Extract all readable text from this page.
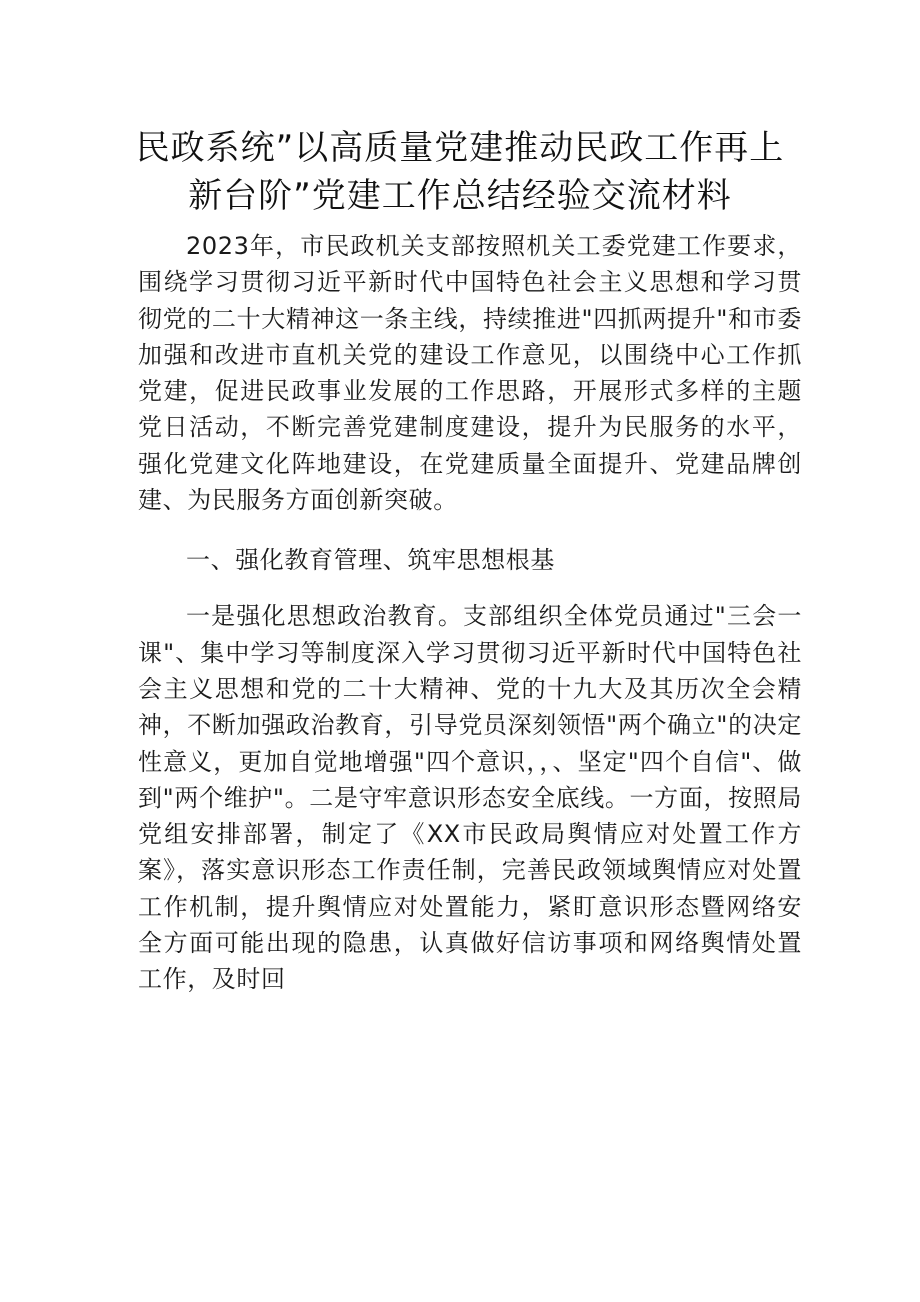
民政系统”以高质量党建推动民政工作再上
新台阶”党建工作总结经验交流材料

2023年，市民政机关支部按照机关工委党建工作要求，围绕学习贯彻习近平新时代中国特色社会主义思想和学习贯彻党的二十大精神这一条主线，持续推进"四抓两提升"和市委加强和改进市直机关党的建设工作意见，以围绕中心工作抓党建，促进民政事业发展的工作思路，开展形式多样的主题党日活动，不断完善党建制度建设，提升为民服务的水平，强化党建文化阵地建设，在党建质量全面提升、党建品牌创建、为民服务方面创新突破。

一、强化教育管理、筑牢思想根基

一是强化思想政治教育。支部组织全体党员通过"三会一课"、集中学习等制度深入学习贯彻习近平新时代中国特色社会主义思想和党的二十大精神、党的十九大及其历次全会精神，不断加强政治教育，引导党员深刻领悟"两个确立"的决定性意义，更加自觉地增强"四个意识，，、坚定"四个自信"、做到"两个维护"。二是守牢意识形态安全底线。一方面，按照局党组安排部署，制定了《XX市民政局舆情应对处置工作方案》，落实意识形态工作责任制，完善民政领域舆情应对处置工作机制，提升舆情应对处置能力，紧盯意识形态暨网络安全方面可能出现的隐患，认真做好信访事项和网络舆情处置工作，及时回
